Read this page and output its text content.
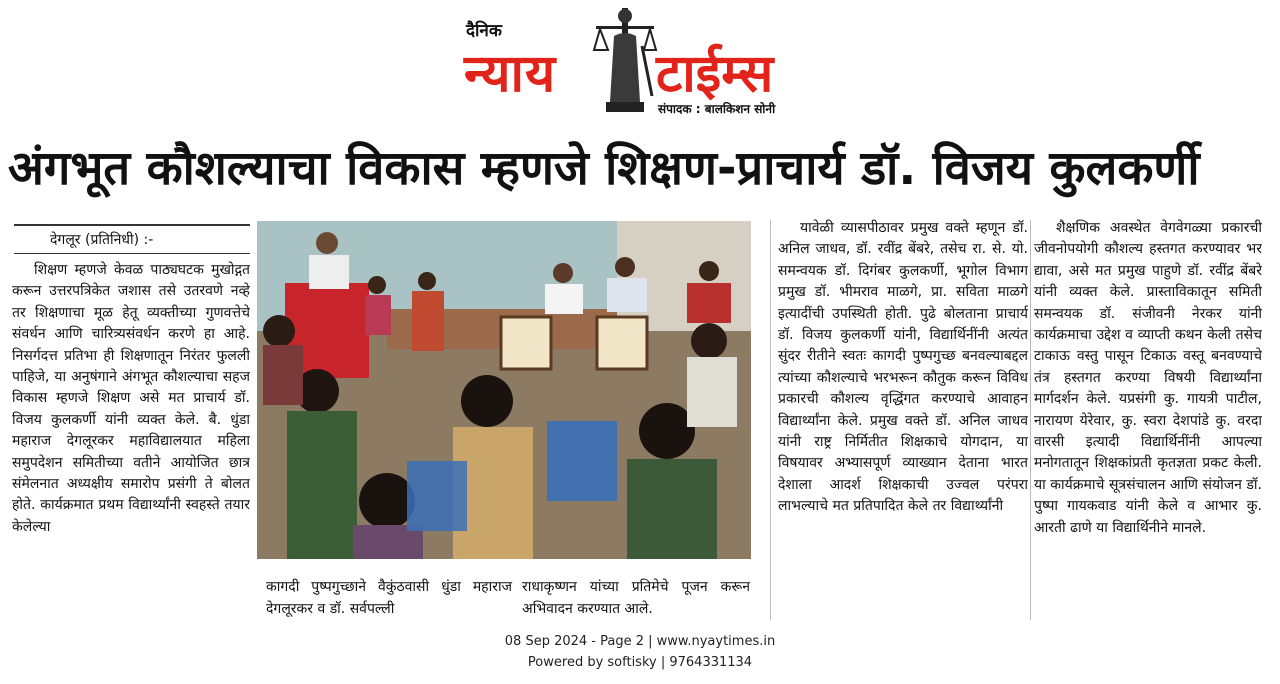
दैनिक
न्याय टाईम्स
संपादक : बालकिशन सोनी
अंगभूत कौशल्याचा विकास म्हणजे शिक्षण-प्राचार्य डॉ. विजय कुलकर्णी
देगलूर (प्रतिनिधी) :-

शिक्षण म्हणजे केवळ पाठ्यघटक मुखोद्गत करून उत्तरपत्रिकेत जशास तसे उतरवणे नव्हे तर शिक्षणाचा मूळ हेतू व्यक्तीच्या गुणवत्तेचे संवर्धन आणि चारित्र्यसंवर्धन करणे हा आहे. निसर्गदत्त प्रतिभा ही शिक्षणातून निरंतर फुलली पाहिजे, या अनुषंगाने अंगभूत कौशल्याचा सहज विकास म्हणजे शिक्षण असे मत प्राचार्य डॉ. विजय कुलकर्णी यांनी व्यक्त केले. बै. धुंडा महाराज देगलूरकर महाविद्यालयात महिला समुपदेशन समितीच्या वतीने आयोजित छात्र संमेलनात अध्यक्षीय समारोप प्रसंगी ते बोलत होते. कार्यक्रमात प्रथम विद्यार्थ्यांनी स्वहस्ते तयार केलेल्या

कागदी पुष्पगुच्छाने वैकुंठवासी धुंडा महाराज देगलूरकर व डॉ. सर्वपल्ली
राधाकृष्णन यांच्या प्रतिमेचे पूजन करून अभिवादन करण्यात आले.

यावेळी व्यासपीठावर प्रमुख वक्ते म्हणून डॉ. अनिल जाधव, डॉ. रवींद्र बेंबरे, तसेच रा. से. यो. समन्वयक डॉ. दिगंबर कुलकर्णी, भूगोल विभाग प्रमुख डॉ. भीमराव माळगे, प्रा. सविता माळगे इत्यादींची उपस्थिती होती. पुढे बोलताना प्राचार्य डॉ. विजय कुलकर्णी यांनी, विद्यार्थिनींनी अत्यंत सुंदर रीतीने स्वतः कागदी पुष्पगुच्छ बनवल्याबद्दल त्यांच्या कौशल्याचे भरभरून कौतुक करून विविध प्रकारची कौशल्य वृद्धिंगत करण्याचे आवाहन विद्यार्थ्यांना केले. प्रमुख वक्ते डॉ. अनिल जाधव यांनी राष्ट्र निर्मितीत शिक्षकाचे योगदान, या विषयावर अभ्यासपूर्ण व्याख्यान देताना भारत देशाला आदर्श शिक्षकाची उज्वल परंपरा लाभल्याचे मत प्रतिपादित केले तर विद्यार्थ्यांनी

शैक्षणिक अवस्थेत वेगवेगळ्या प्रकारची जीवनोपयोगी कौशल्य हस्तगत करण्यावर भर द्यावा, असे मत प्रमुख पाहुणे डॉ. रवींद्र बेंबरे यांनी व्यक्त केले. प्रास्ताविकातून समिती समन्वयक डॉ. संजीवनी नेरकर यांनी कार्यक्रमाचा उद्देश व व्याप्ती कथन केली तसेच टाकाऊ वस्तु पासून टिकाऊ वस्तू बनवण्याचे तंत्र हस्तगत करण्या विषयी विद्यार्थ्यांना मार्गदर्शन केले. यप्रसंगी कु. गायत्री पाटील, नारायण येरेवार, कु. स्वरा देशपांडे कु. वरदा वारसी इत्यादी विद्यार्थिनींनी आपल्या मनोगतातून शिक्षकांप्रती कृतज्ञता प्रकट केली. या कार्यक्रमाचे सूत्रसंचालन आणि संयोजन डॉ. पुष्पा गायकवाड यांनी केले व आभार कु. आरती ढाणे या विद्यार्थिनीने मानले.

08 Sep 2024 - Page 2 | www.nyaytimes.in
Powered by softisky | 9764331134
